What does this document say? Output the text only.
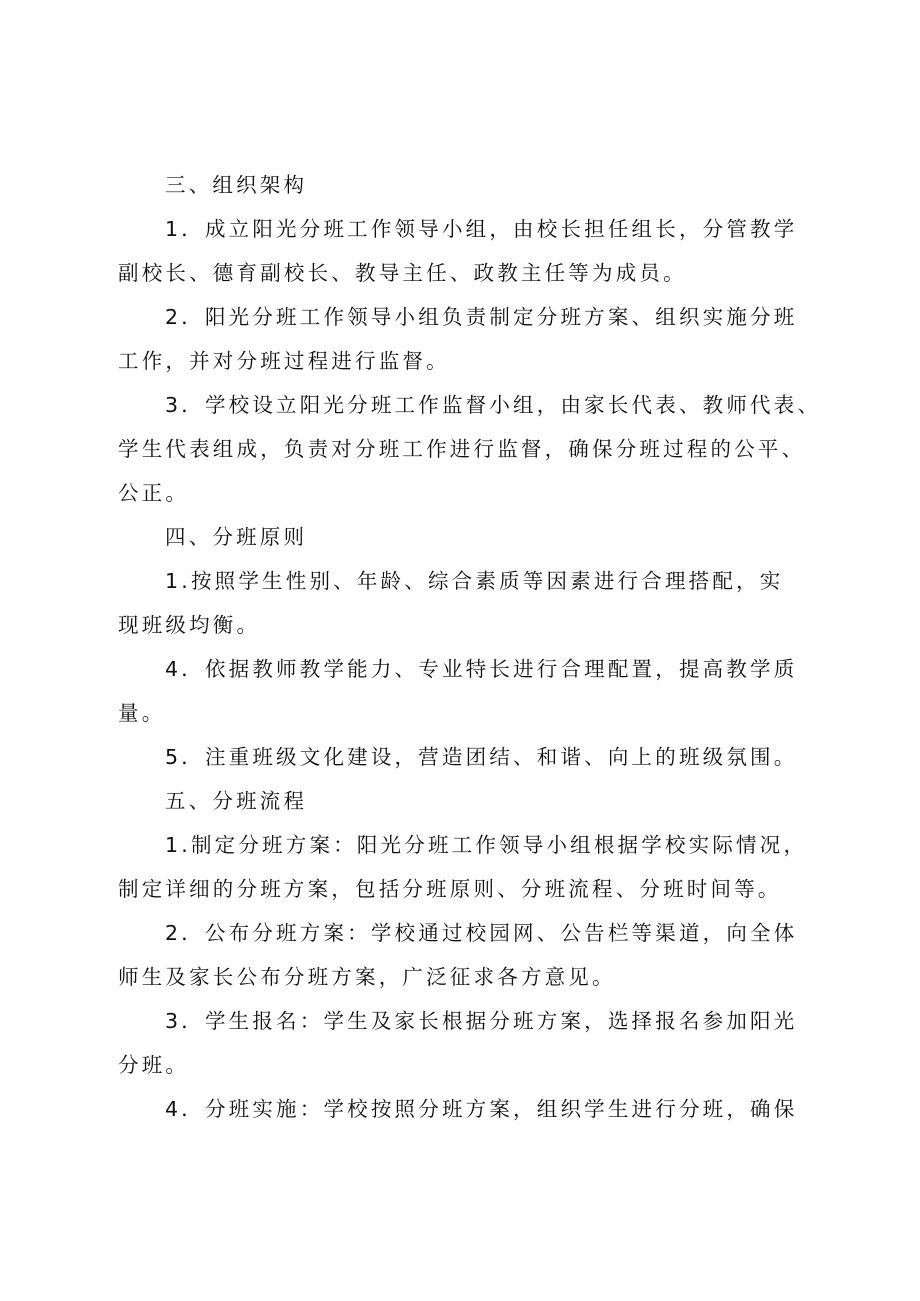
三、组织架构
1．成立阳光分班工作领导小组，由校长担任组长，分管教学
副校长、德育副校长、教导主任、政教主任等为成员。
2．阳光分班工作领导小组负责制定分班方案、组织实施分班
工作，并对分班过程进行监督。
3．学校设立阳光分班工作监督小组，由家长代表、教师代表、
学生代表组成，负责对分班工作进行监督，确保分班过程的公平、
公正。
四、分班原则
1.按照学生性别、年龄、综合素质等因素进行合理搭配，实
现班级均衡。
4．依据教师教学能力、专业特长进行合理配置，提高教学质
量。
5．注重班级文化建设，营造团结、和谐、向上的班级氛围。
五、分班流程
1.制定分班方案：阳光分班工作领导小组根据学校实际情况，
制定详细的分班方案，包括分班原则、分班流程、分班时间等。
2．公布分班方案：学校通过校园网、公告栏等渠道，向全体
师生及家长公布分班方案，广泛征求各方意见。
3．学生报名：学生及家长根据分班方案，选择报名参加阳光
分班。
4．分班实施：学校按照分班方案，组织学生进行分班，确保
